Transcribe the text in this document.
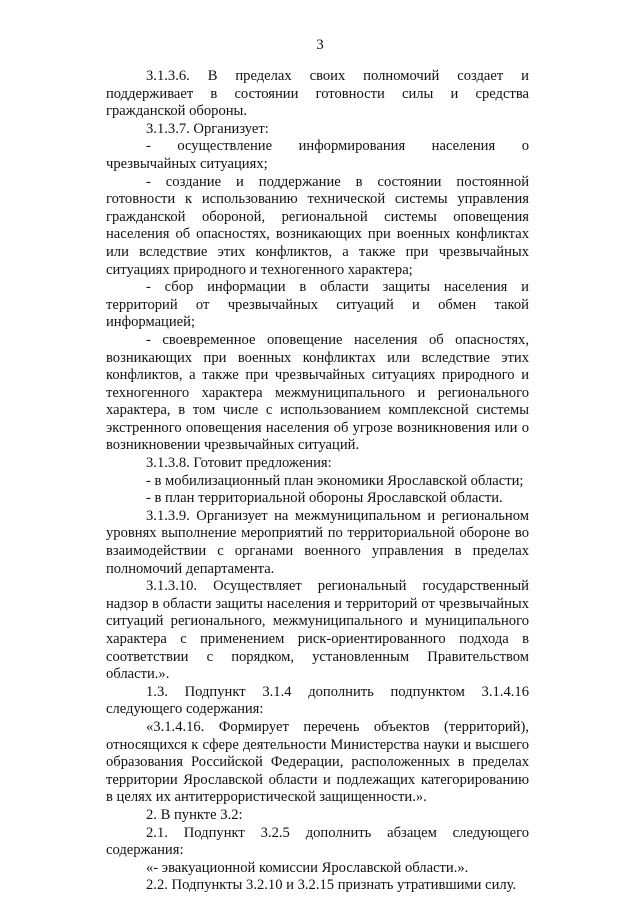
3

3.1.3.6. В пределах своих полномочий создает и поддерживает в состоянии готовности силы и средства гражданской обороны.

3.1.3.7. Организует:

- осуществление информирования населения о чрезвычайных ситуациях;

- создание и поддержание в состоянии постоянной готовности к использованию технической системы управления гражданской обороной, региональной системы оповещения населения об опасностях, возникающих при военных конфликтах или вследствие этих конфликтов, а также при чрезвычайных ситуациях природного и техногенного характера;

- сбор информации в области защиты населения и территорий от чрезвычайных ситуаций и обмен такой информацией;

- своевременное оповещение населения об опасностях, возникающих при военных конфликтах или вследствие этих конфликтов, а также при чрезвычайных ситуациях природного и техногенного характера межмуниципального и регионального характера, в том числе с использованием комплексной системы экстренного оповещения населения об угрозе возникновения или о возникновении чрезвычайных ситуаций.

3.1.3.8. Готовит предложения:

- в мобилизационный план экономики Ярославской области;

- в план территориальной обороны Ярославской области.

3.1.3.9. Организует на межмуниципальном и региональном уровнях выполнение мероприятий по территориальной обороне во взаимодействии с органами военного управления в пределах полномочий департамента.

3.1.3.10. Осуществляет региональный государственный надзор в области защиты населения и территорий от чрезвычайных ситуаций регионального, межмуниципального и муниципального характера с применением риск-ориентированного подхода в соответствии с порядком, установленным Правительством области.».

1.3. Подпункт 3.1.4 дополнить подпунктом 3.1.4.16 следующего содержания:

«3.1.4.16. Формирует перечень объектов (территорий), относящихся к сфере деятельности Министерства науки и высшего образования Российской Федерации, расположенных в пределах территории Ярославской области и подлежащих категорированию в целях их антитеррористической защищенности.».

2. В пункте 3.2:

2.1. Подпункт 3.2.5 дополнить абзацем следующего содержания:

«- эвакуационной комиссии Ярославской области.».

2.2. Подпункты 3.2.10 и 3.2.15 признать утратившими силу.
